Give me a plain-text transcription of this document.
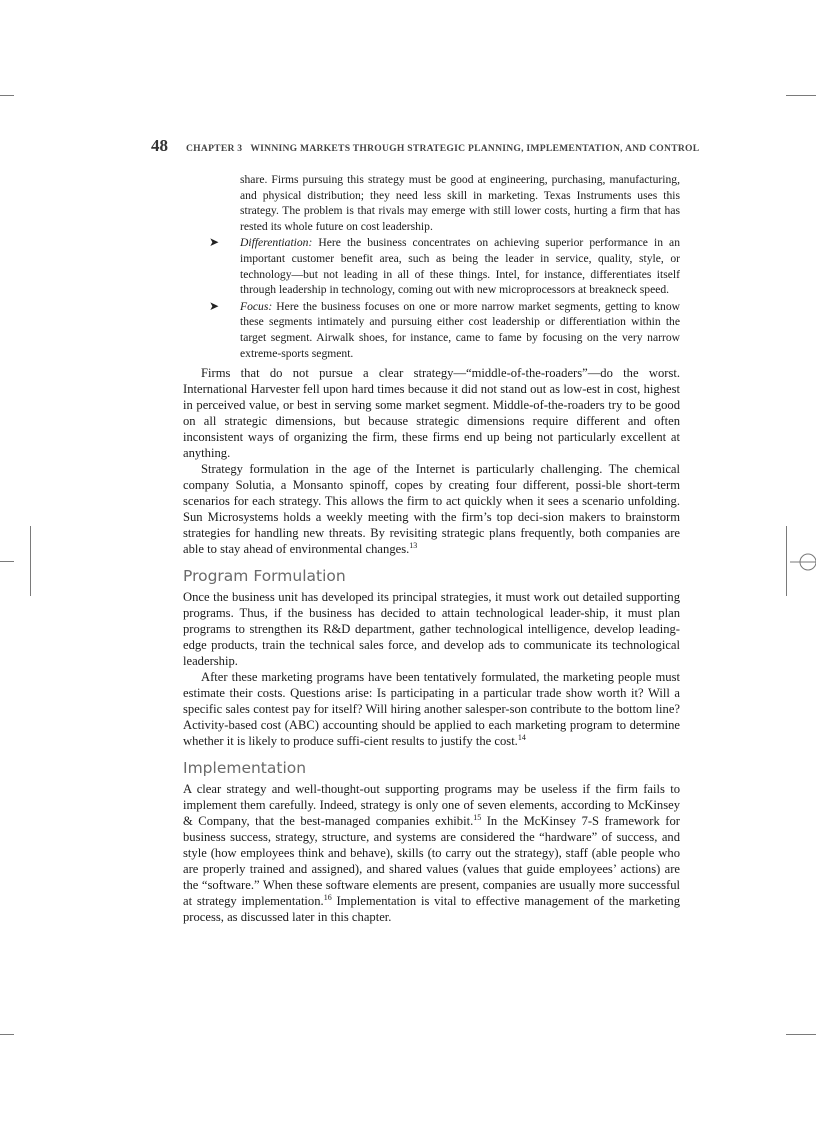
48 CHAPTER 3
WINNING MARKETS THROUGH STRATEGIC PLANNING, IMPLEMENTATION, AND CONTROL

share. Firms pursuing this strategy must be good at engineering, purchasing, manufacturing, and physical distribution; they need less skill in marketing. Texas Instruments uses this strategy. The problem is that rivals may emerge with still lower costs, hurting a firm that has rested its whole future on cost leadership.

➤	Differentiation: Here the business concentrates on achieving superior performance in an important customer benefit area, such as being the leader in service, quality, style, or technology—but not leading in all of these things. Intel, for instance, differentiates itself through leadership in technology, coming out with new microprocessors at breakneck speed.
➤	Focus: Here the business focuses on one or more narrow market segments, getting to know these segments intimately and pursuing either cost leadership or differentiation within the target segment. Airwalk shoes, for instance, came to fame by focusing on the very narrow extreme-sports segment.

Firms that do not pursue a clear strategy—“middle-of-the-roaders”—do the worst. International Harvester fell upon hard times because it did not stand out as low-est in cost, highest in perceived value, or best in serving some market segment. Middle-of-the-roaders try to be good on all strategic dimensions, but because strategic dimensions require different and often inconsistent ways of organizing the firm, these firms end up being not particularly excellent at anything.

Strategy formulation in the age of the Internet is particularly challenging. The chemical company Solutia, a Monsanto spinoff, copes by creating four different, possi-ble short-term scenarios for each strategy. This allows the firm to act quickly when it sees a scenario unfolding. Sun Microsystems holds a weekly meeting with the firm’s top deci-sion makers to brainstorm strategies for handling new threats. By revisiting strategic plans frequently, both companies are able to stay ahead of environmental changes.$^{13}$

Program Formulation

Once the business unit has developed its principal strategies, it must work out detailed supporting programs. Thus, if the business has decided to attain technological leader-ship, it must plan programs to strengthen its R&D department, gather technological intelligence, develop leading-edge products, train the technical sales force, and develop ads to communicate its technological leadership.

After these marketing programs have been tentatively formulated, the marketing people must estimate their costs. Questions arise: Is participating in a particular trade show worth it? Will a specific sales contest pay for itself? Will hiring another salesper-son contribute to the bottom line? Activity-based cost (ABC) accounting should be applied to each marketing program to determine whether it is likely to produce suffi-cient results to justify the cost.$^{14}$

Implementation

A clear strategy and well-thought-out supporting programs may be useless if the firm fails to implement them carefully. Indeed, strategy is only one of seven elements, according to McKinsey & Company, that the best-managed companies exhibit.$^{15}$ In the McKinsey 7-S framework for business success, strategy, structure, and systems are considered the “hardware” of success, and style (how employees think and behave), skills (to carry out the strategy), staff (able people who are properly trained and assigned), and shared values (values that guide employees’ actions) are the “software.” When these software elements are present, companies are usually more successful at strategy implementation.$^{16}$ Implementation is vital to effective management of the marketing process, as discussed later in this chapter.
